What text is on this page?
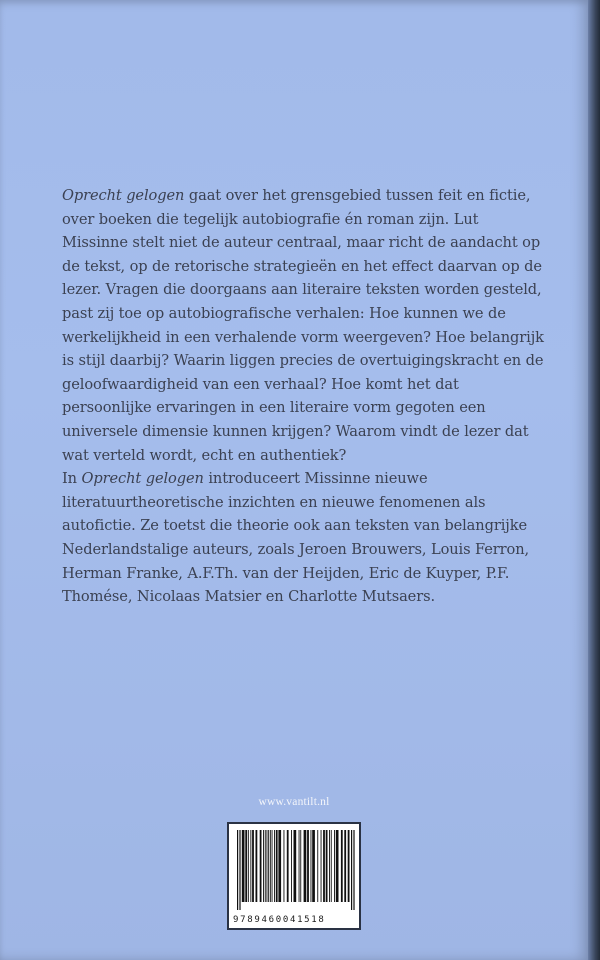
Oprecht gelogen gaat over het grensgebied tussen feit en fictie, over boeken die tegelijk autobiografie én roman zijn. Lut Missinne stelt niet de auteur centraal, maar richt de aandacht op de tekst, op de retorische strategieën en het effect daarvan op de lezer. Vragen die doorgaans aan literaire teksten worden gesteld, past zij toe op autobiografische verhalen: Hoe kunnen we de werkelijkheid in een verhalende vorm weergeven? Hoe belangrijk is stijl daarbij? Waarin liggen precies de overtuigingskracht en de geloofwaardigheid van een verhaal? Hoe komt het dat persoonlijke ervaringen in een literaire vorm gegoten een universele dimensie kunnen krijgen? Waarom vindt de lezer dat wat verteld wordt, echt en authentiek?

In Oprecht gelogen introduceert Missinne nieuwe literatuurtheoretische inzichten en nieuwe fenomenen als autofictie. Ze toetst die theorie ook aan teksten van belangrijke Nederlandstalige auteurs, zoals Jeroen Brouwers, Louis Ferron, Herman Franke, A.F.Th. van der Heijden, Eric de Kuyper, P.F. Thomése, Nicolaas Matsier en Charlotte Mutsaers.

www.vantilt.nl
9789460041518
